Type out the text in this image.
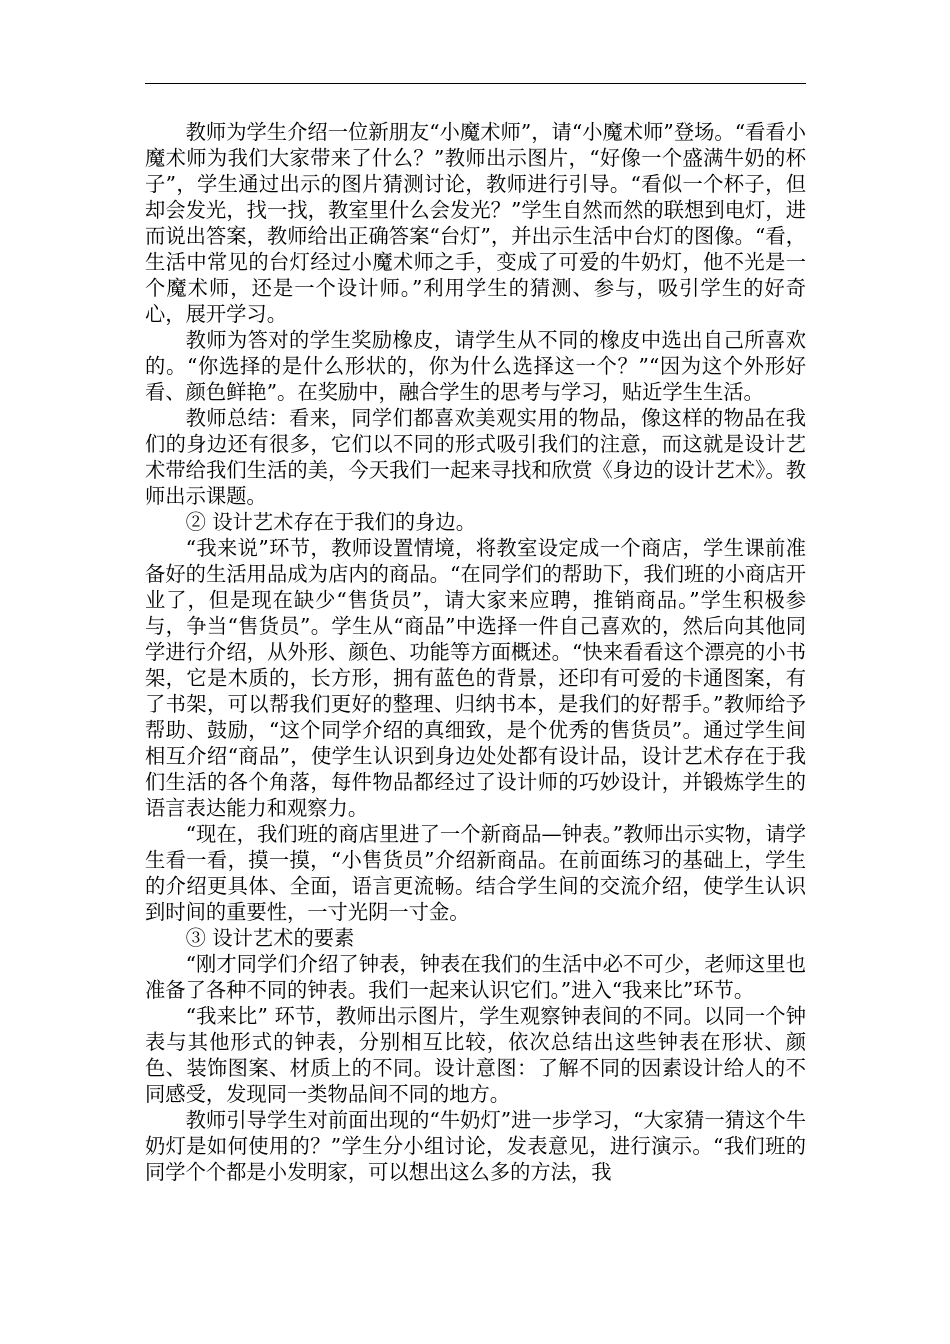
教师为学生介绍一位新朋友“小魔术师”，请“小魔术师”登场。“看看小魔术师为我们大家带来了什么？”教师出示图片，“好像一个盛满牛奶的杯子”，学生通过出示的图片猜测讨论，教师进行引导。“看似一个杯子，但却会发光，找一找，教室里什么会发光？”学生自然而然的联想到电灯，进而说出答案，教师给出正确答案“台灯”，并出示生活中台灯的图像。“看，生活中常见的台灯经过小魔术师之手，变成了可爱的牛奶灯，他不光是一个魔术师，还是一个设计师。”利用学生的猜测、参与，吸引学生的好奇心，展开学习。

教师为答对的学生奖励橡皮，请学生从不同的橡皮中选出自己所喜欢的。“你选择的是什么形状的，你为什么选择这一个？”“因为这个外形好看、颜色鲜艳”。在奖励中，融合学生的思考与学习，贴近学生生活。

教师总结：看来，同学们都喜欢美观实用的物品，像这样的物品在我们的身边还有很多，它们以不同的形式吸引我们的注意，而这就是设计艺术带给我们生活的美，今天我们一起来寻找和欣赏《身边的设计艺术》。教师出示课题。

② 设计艺术存在于我们的身边。

“我来说”环节，教师设置情境，将教室设定成一个商店，学生课前准备好的生活用品成为店内的商品。“在同学们的帮助下，我们班的小商店开业了，但是现在缺少“售货员”，请大家来应聘，推销商品。”学生积极参与，争当“售货员”。学生从“商品”中选择一件自己喜欢的，然后向其他同学进行介绍，从外形、颜色、功能等方面概述。“快来看看这个漂亮的小书架，它是木质的，长方形，拥有蓝色的背景，还印有可爱的卡通图案，有了书架，可以帮我们更好的整理、归纳书本，是我们的好帮手。”教师给予帮助、鼓励，“这个同学介绍的真细致，是个优秀的售货员”。通过学生间相互介绍“商品”，使学生认识到身边处处都有设计品，设计艺术存在于我们生活的各个角落，每件物品都经过了设计师的巧妙设计，并锻炼学生的语言表达能力和观察力。

“现在，我们班的商店里进了一个新商品—钟表。”教师出示实物，请学生看一看，摸一摸，“小售货员”介绍新商品。在前面练习的基础上，学生的介绍更具体、全面，语言更流畅。结合学生间的交流介绍，使学生认识到时间的重要性，一寸光阴一寸金。

③ 设计艺术的要素

“刚才同学们介绍了钟表，钟表在我们的生活中必不可少，老师这里也准备了各种不同的钟表。我们一起来认识它们。”进入“我来比”环节。

“我来比” 环节，教师出示图片，学生观察钟表间的不同。以同一个钟表与其他形式的钟表，分别相互比较，依次总结出这些钟表在形状、颜色、装饰图案、材质上的不同。设计意图：了解不同的因素设计给人的不同感受，发现同一类物品间不同的地方。

教师引导学生对前面出现的“牛奶灯”进一步学习，“大家猜一猜这个牛奶灯是如何使用的？”学生分小组讨论，发表意见，进行演示。“我们班的同学个个都是小发明家，可以想出这么多的方法，我
